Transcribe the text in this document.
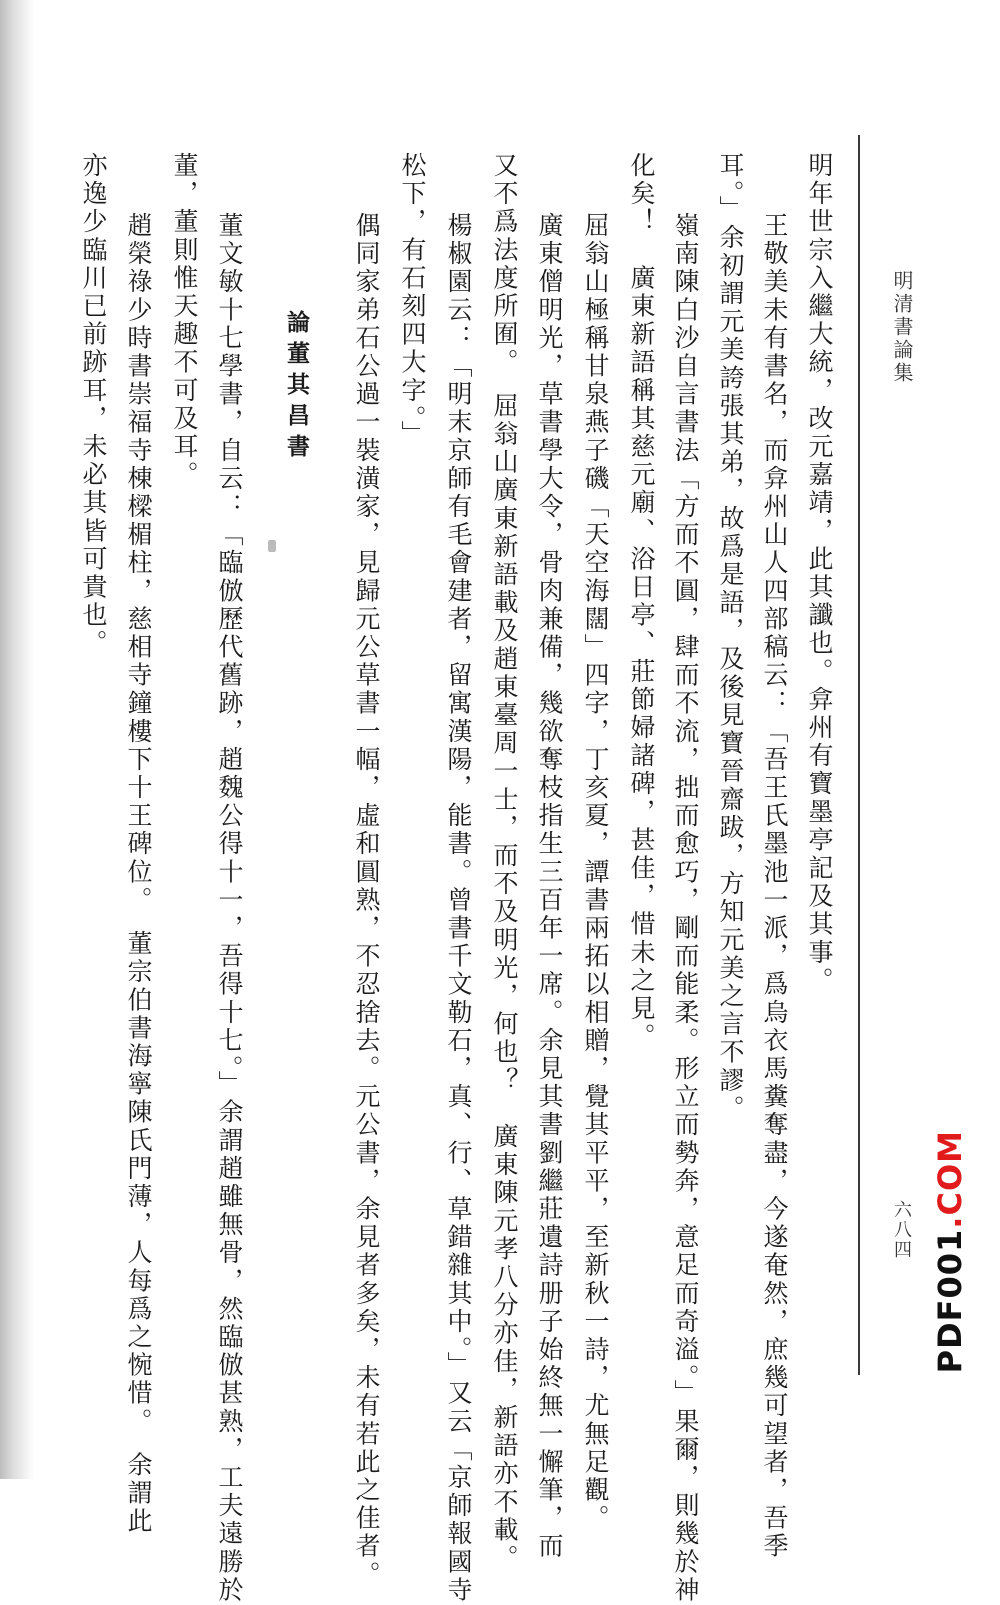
明清書論集
六八四
明年世宗入繼大統，改元嘉靖，此其讖也。弇州有寶墨亭記及其事。
王敬美未有書名，而弇州山人四部稿云：「吾王氏墨池一派，爲烏衣馬糞奪盡，今遂奄然，庶幾可望者，吾季
耳。」余初謂元美誇張其弟，故爲是語，及後見寶晉齋跋，方知元美之言不謬。
嶺南陳白沙自言書法「方而不圓，肆而不流，拙而愈巧，剛而能柔。形立而勢奔，意足而奇溢。」果爾，則幾於神
化矣！　廣東新語稱其慈元廟、浴日亭、莊節婦諸碑，甚佳，惜未之見。
屈翁山極稱甘泉燕子磯「天空海闊」四字，丁亥夏，譚書兩拓以相贈，覺其平平，至新秋一詩，尤無足觀。
廣東僧明光，草書學大令，骨肉兼備，幾欲奪枝指生三百年一席。余見其書劉繼莊遺詩册子始終無一懈筆，而
又不爲法度所囿。　屈翁山廣東新語載及趙東臺周一士，而不及明光，何也？　廣東陳元孝八分亦佳，新語亦不載。
楊椒園云：「明末京師有毛會建者，留寓漢陽，能書。曾書千文勒石，真、行、草錯雜其中。」又云「京師報國寺
松下，有石刻四大字。」
偶同家弟石公過一裝潢家，見歸元公草書一幅，虛和圓熟，不忍捨去。元公書，余見者多矣，未有若此之佳者。
論董其昌書
董文敏十七學書，自云：「臨倣歷代舊跡，趙魏公得十一，吾得十七。」余謂趙雖無骨，然臨倣甚熟，工夫遠勝於
董，董則惟天趣不可及耳。
趙榮祿少時書崇福寺棟樑楣柱，慈相寺鐘樓下十王碑位。　董宗伯書海寧陳氏門薄，人每爲之惋惜。　余謂此
亦逸少臨川已前跡耳，未必其皆可貴也。
PDF001.COM
